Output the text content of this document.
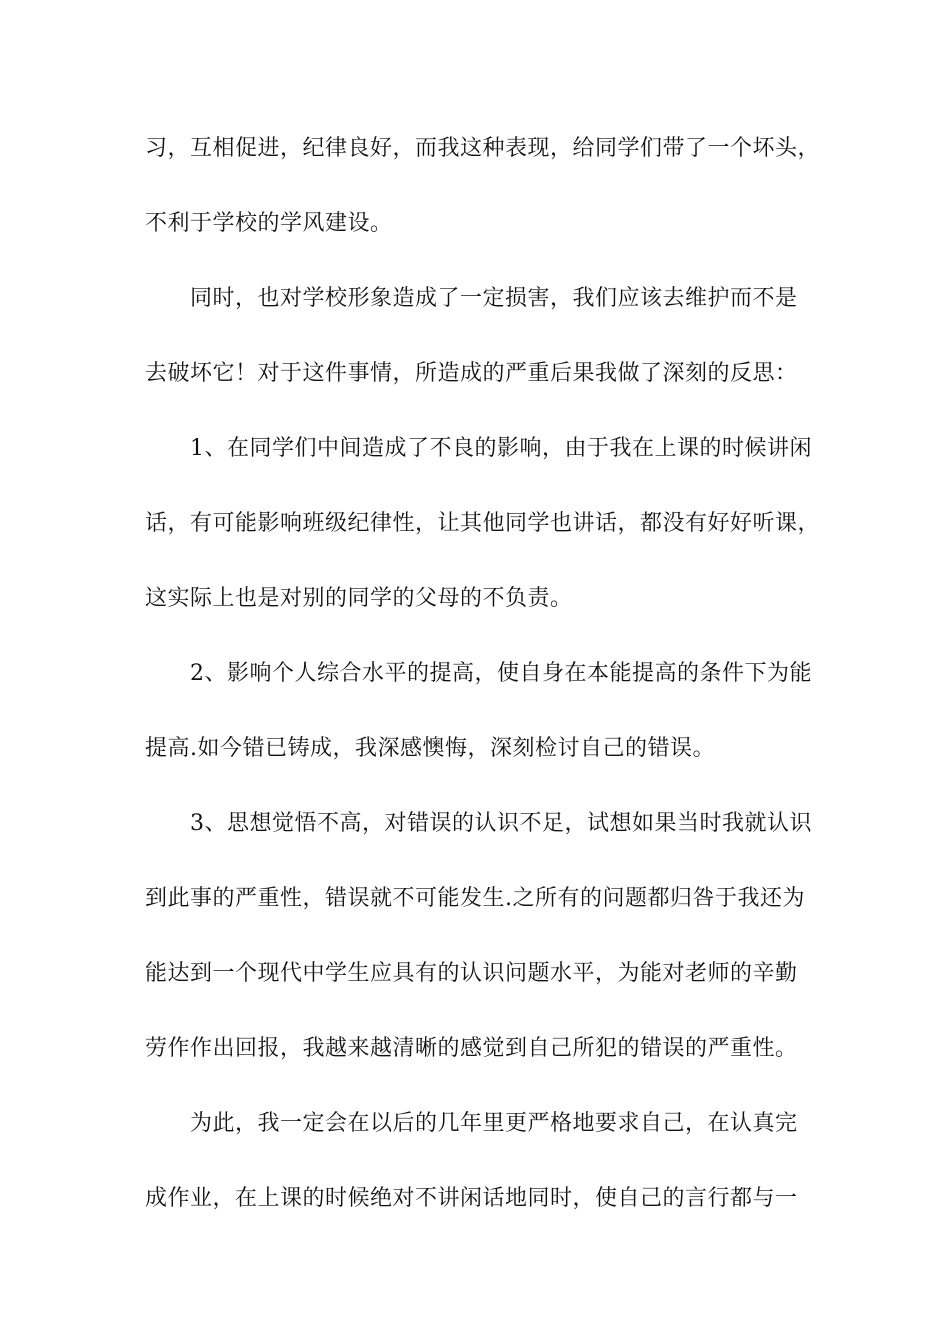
习，互相促进，纪律良好，而我这种表现，给同学们带了一个坏头，
不利于学校的学风建设。
同时，也对学校形象造成了一定损害，我们应该去维护而不是
去破坏它！对于这件事情，所造成的严重后果我做了深刻的反思：
1、在同学们中间造成了不良的影响，由于我在上课的时候讲闲
话，有可能影响班级纪律性，让其他同学也讲话，都没有好好听课，
这实际上也是对别的同学的父母的不负责。
2、影响个人综合水平的提高，使自身在本能提高的条件下为能
提高.如今错已铸成，我深感懊悔，深刻检讨自己的错误。
3、思想觉悟不高，对错误的认识不足，试想如果当时我就认识
到此事的严重性，错误就不可能发生.之所有的问题都归咎于我还为
能达到一个现代中学生应具有的认识问题水平，为能对老师的辛勤
劳作作出回报，我越来越清晰的感觉到自己所犯的错误的严重性。
为此，我一定会在以后的几年里更严格地要求自己，在认真完
成作业，在上课的时候绝对不讲闲话地同时，使自己的言行都与一
